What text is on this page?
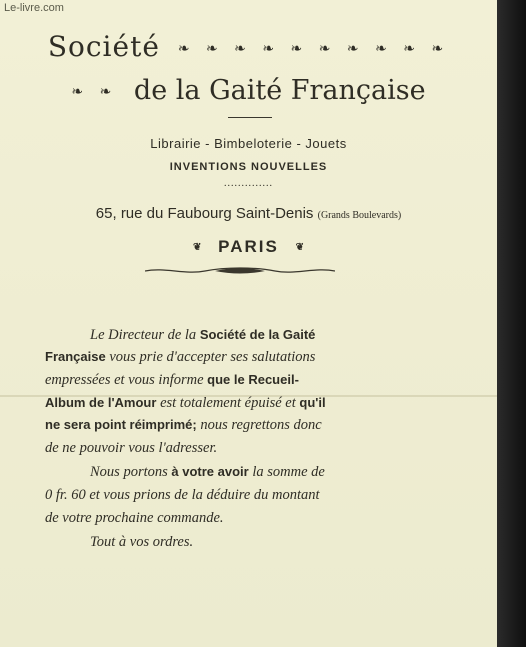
Le-livre.com
Société ❧ ❧ ❧ ❧ ❧ ❧ ❧ ❧ ❧ ❧
❧ ❧ de la Gaité Française
Librairie - Bimbeloterie - Jouets
INVENTIONS NOUVELLES
..............
65, rue du Faubourg Saint-Denis (Grands Boulevards)
❦ PARIS ❦
Le Directeur de la Société de la Gaité
Française vous prie d'accepter ses salutations
empressées et vous informe que le Recueil-
Album de l'Amour est totalement épuisé et qu'il
ne sera point réimprimé; nous regrettons donc
de ne pouvoir vous l'adresser.
Nous portons à votre avoir la somme de
0 fr. 60 et vous prions de la déduire du montant
de votre prochaine commande.
Tout à vos ordres.
